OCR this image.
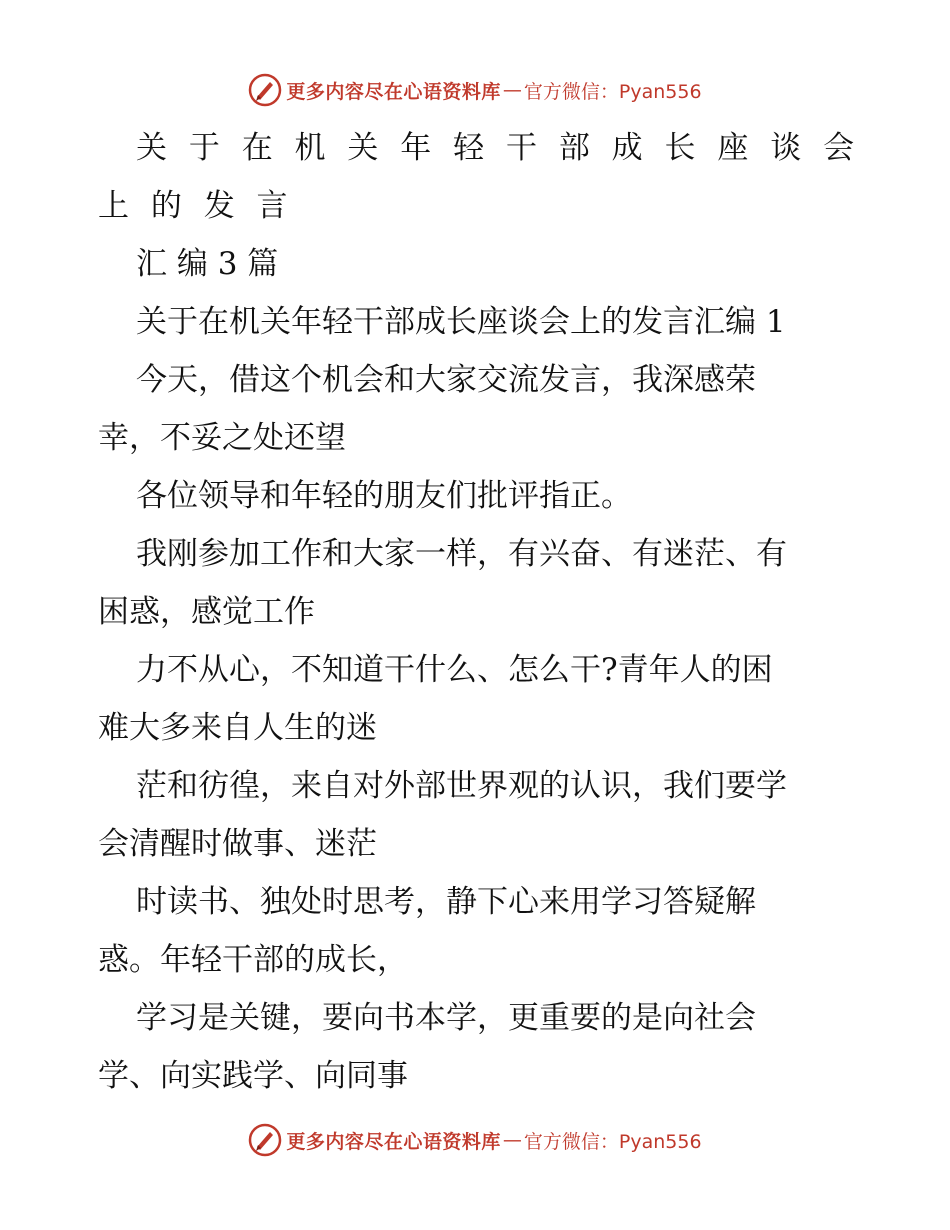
更多内容尽在心语资料库 — 官方微信：Pyan556
关 于 在 机 关 年 轻 干 部 成 长 座 谈 会
上 的 发 言
汇 编 3 篇
关于在机关年轻干部成长座谈会上的发言汇编 1
今天，借这个机会和大家交流发言，我深感荣
幸，不妥之处还望
各位领导和年轻的朋友们批评指正。
我刚参加工作和大家一样，有兴奋、有迷茫、有
困惑，感觉工作
力不从心，不知道干什么、怎么干?青年人的困
难大多来自人生的迷
茫和彷徨，来自对外部世界观的认识，我们要学
会清醒时做事、迷茫
时读书、独处时思考，静下心来用学习答疑解
惑。年轻干部的成长，
学习是关键，要向书本学，更重要的是向社会
学、向实践学、向同事
更多内容尽在心语资料库 — 官方微信：Pyan556
